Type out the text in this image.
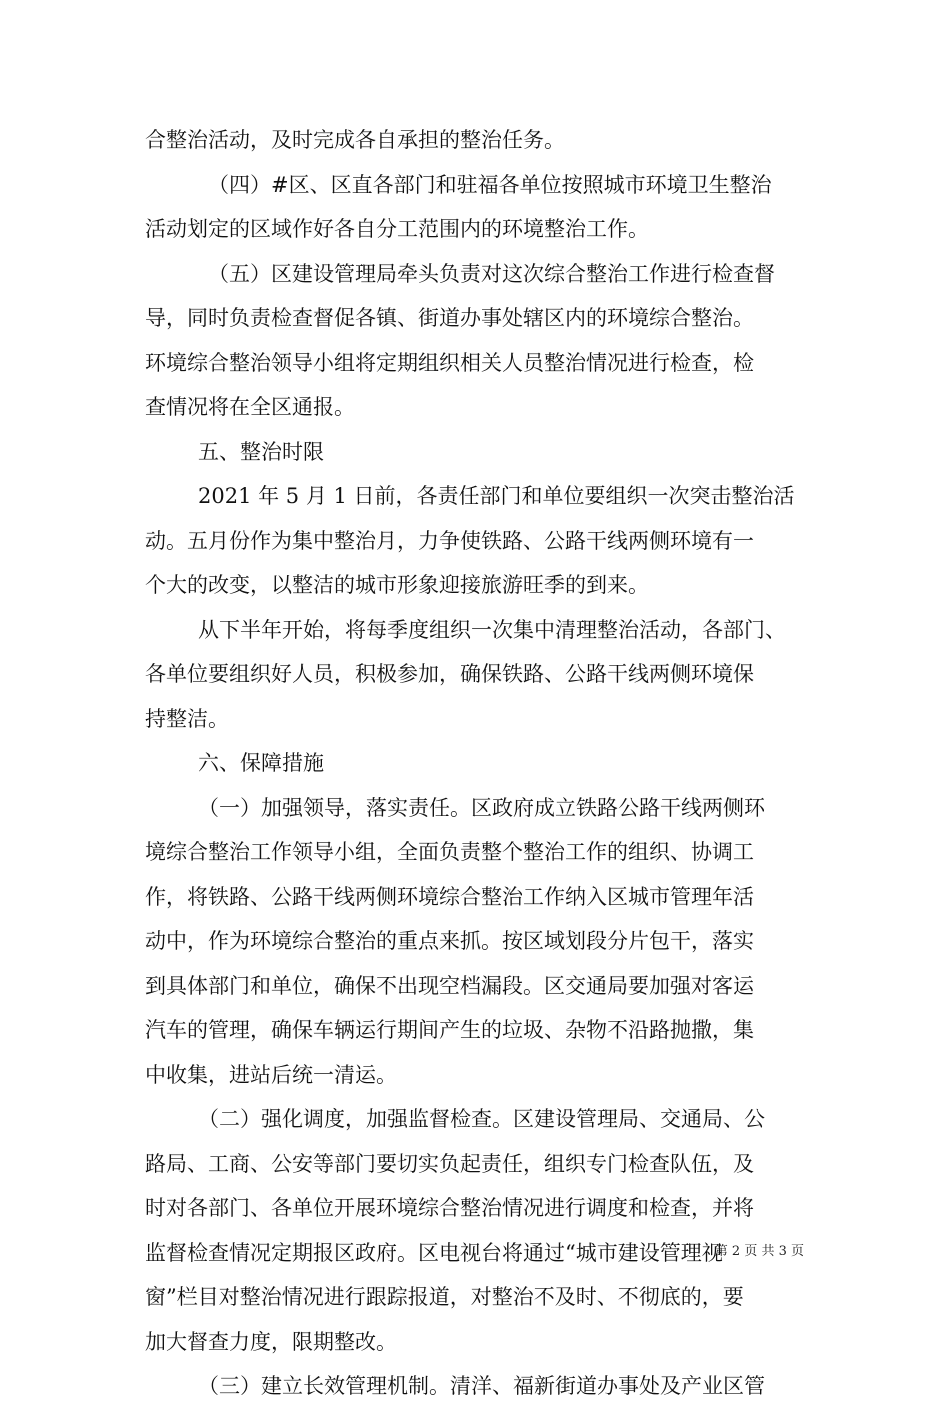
合整治活动，及时完成各自承担的整治任务。
（四）#区、区直各部门和驻福各单位按照城市环境卫生整治
活动划定的区域作好各自分工范围内的环境整治工作。
（五）区建设管理局牵头负责对这次综合整治工作进行检查督
导，同时负责检查督促各镇、街道办事处辖区内的环境综合整治。
环境综合整治领导小组将定期组织相关人员整治情况进行检查，检
查情况将在全区通报。
五、整治时限
2021 年 5 月 1 日前，各责任部门和单位要组织一次突击整治活
动。五月份作为集中整治月，力争使铁路、公路干线两侧环境有一
个大的改变，以整洁的城市形象迎接旅游旺季的到来。
从下半年开始，将每季度组织一次集中清理整治活动，各部门、
各单位要组织好人员，积极参加，确保铁路、公路干线两侧环境保
持整洁。
六、保障措施
（一）加强领导，落实责任。区政府成立铁路公路干线两侧环
境综合整治工作领导小组，全面负责整个整治工作的组织、协调工
作，将铁路、公路干线两侧环境综合整治工作纳入区城市管理年活
动中，作为环境综合整治的重点来抓。按区域划段分片包干，落实
到具体部门和单位，确保不出现空档漏段。区交通局要加强对客运
汽车的管理，确保车辆运行期间产生的垃圾、杂物不沿路抛撒，集
中收集，进站后统一清运。
（二）强化调度，加强监督检查。区建设管理局、交通局、公
路局、工商、公安等部门要切实负起责任，组织专门检查队伍，及
时对各部门、各单位开展环境综合整治情况进行调度和检查，并将
监督检查情况定期报区政府。区电视台将通过“城市建设管理视
窗”栏目对整治情况进行跟踪报道，对整治不及时、不彻底的，要
加大督查力度，限期整改。
（三）建立长效管理机制。清洋、福新街道办事处及产业区管
第 2 页 共 3 页
